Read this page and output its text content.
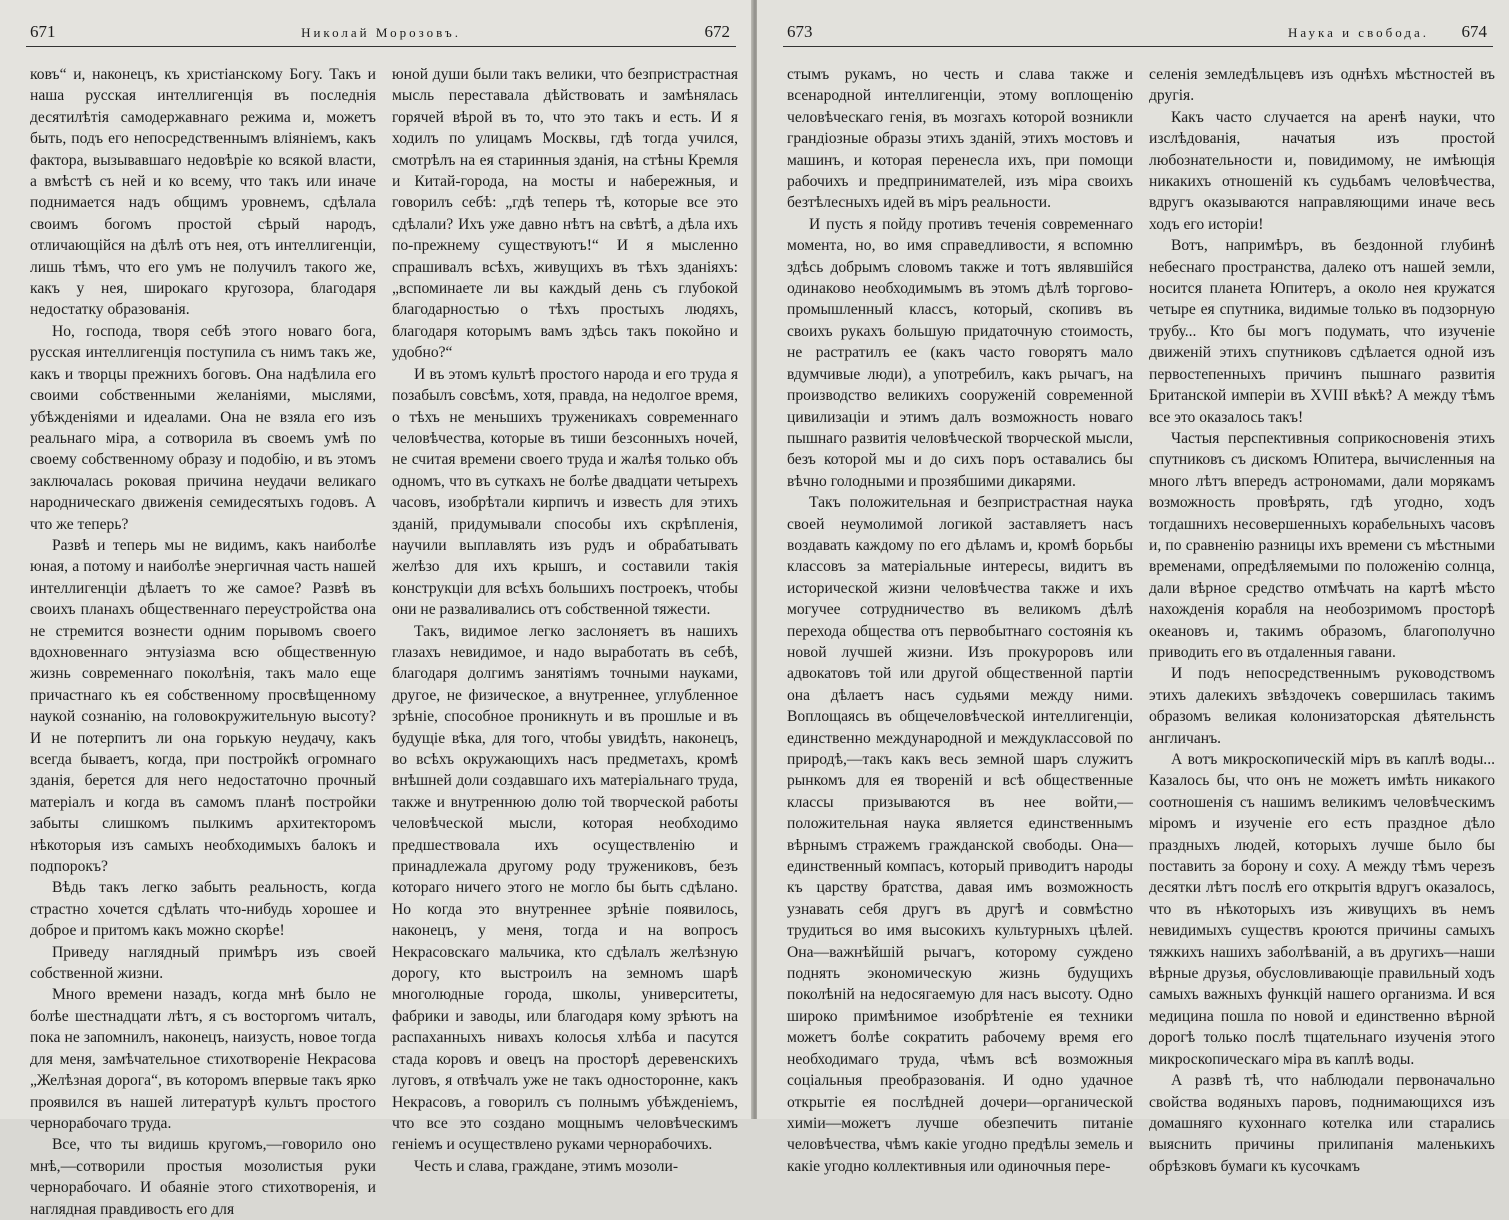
671	Николай Морозовъ.	672

ковъ“ и, наконецъ, къ христіанскому Богу. Такъ и наша русская интеллигенція въ последнія десятилѣтія самодержавнаго режима и, можетъ быть, подъ его непосредственнымъ вліяніемъ, какъ фактора, вызывавшаго недовѣріе ко всякой власти, а вмѣстѣ съ ней и ко всему, что такъ или иначе поднимается надъ общимъ уровнемъ, сдѣлала своимъ богомъ простой сѣрый народъ, отличающійся на дѣлѣ отъ нея, отъ интеллигенціи, лишь тѣмъ, что его умъ не получилъ такого же, какъ у нея, широкаго кругозора, благодаря недостатку образованія.

Но, господа, творя себѣ этого новаго бога, русская интеллигенція поступила съ нимъ такъ же, какъ и творцы прежнихъ боговъ. Она надѣлила его своими собственными желаніями, мыслями, убѣжденіями и идеалами. Она не взяла его изъ реальнаго міра, а сотворила въ своемъ умѣ по своему собственному образу и подобію, и въ этомъ заключалась роковая причина неудачи великаго народническаго движенія семидесятыхъ годовъ. А что же теперь?

Развѣ и теперь мы не видимъ, какъ наиболѣе юная, а потому и наиболѣе энергичная часть нашей интеллигенціи дѣлаетъ то же самое? Развѣ въ своихъ планахъ общественнаго переустройства она не стремится вознести одним порывомъ своего вдохновеннаго энтузіазма всю общественную жизнь современнаго поколѣнія, такъ мало еще причастнаго къ ея собственному просвѣщенному наукой сознанію, на головокружительную высоту? И не потерпитъ ли она горькую неудачу, какъ всегда бываетъ, когда, при постройкѣ огромнаго зданія, берется для него недостаточно прочный матеріалъ и когда въ самомъ планѣ постройки забыты слишкомъ пылкимъ архитекторомъ нѣкоторыя изъ самыхъ необходимыхъ балокъ и подпорокъ?

Вѣдь такъ легко забыть реальность, когда страстно хочется сдѣлать что-нибудь хорошее и доброе и притомъ какъ можно скорѣе!

Приведу наглядный примѣръ изъ своей собственной жизни.

Много времени назадъ, когда мнѣ было не болѣе шестнадцати лѣтъ, я съ восторгомъ читалъ, пока не запомнилъ, наконецъ, наизусть, новое тогда для меня, замѣчательное стихотвореніе Некрасова „Желѣзная дорога“, въ которомъ впервые такъ ярко проявился въ нашей литературѣ культъ простого чернорабочаго труда.

Все, что ты видишь кругомъ,—говорило оно мнѣ,—сотворили простыя мозолистыя руки чернорабочаго. И обаяніе этого стихотворенія, и наглядная правдивость его для

юной души были такъ велики, что безпристрастная мысль переставала дѣйствовать и замѣнялась горячей вѣрой въ то, что это такъ и есть. И я ходилъ по улицамъ Москвы, гдѣ тогда учился, смотрѣлъ на ея старинныя зданія, на стѣны Кремля и Китай-города, на мосты и набережныя, и говорилъ себѣ: „гдѣ теперь тѣ, которые все это сдѣлали? Ихъ уже давно нѣтъ на свѣтѣ, а дѣла ихъ по-прежнему существуютъ!“ И я мысленно спрашивалъ всѣхъ, живущихъ въ тѣхъ зданіяхъ: „вспоминаете ли вы каждый день съ глубокой благодарностью о тѣхъ простыхъ людяхъ, благодаря которымъ вамъ здѣсь такъ покойно и удобно?“

И въ этомъ культѣ простого народа и его труда я позабылъ совсѣмъ, хотя, правда, на недолгое время, о тѣхъ не меньшихъ труженикахъ современнаго человѣчества, которые въ тиши безсонныхъ ночей, не считая времени своего труда и жалѣя только объ одномъ, что въ суткахъ не болѣе двадцати четырехъ часовъ, изобрѣтали кирпичъ и известь для этихъ зданій, придумывали способы ихъ скрѣпленія, научили выплавлять изъ рудъ и обрабатывать желѣзо для ихъ крышъ, и составили такія конструкціи для всѣхъ большихъ построекъ, чтобы они не разваливались отъ собственной тяжести.

Такъ, видимое легко заслоняетъ въ нашихъ глазахъ невидимое, и надо выработать въ себѣ, благодаря долгимъ занятіямъ точными науками, другое, не физическое, а внутреннее, углубленное зрѣніе, способное проникнуть и въ прошлые и въ будущіе вѣка, для того, чтобы увидѣть, наконецъ, во всѣхъ окружающихъ насъ предметахъ, кромѣ внѣшней доли создавшаго ихъ матеріальнаго труда, также и внутреннюю долю той творческой работы человѣческой мысли, которая необходимо предшествовала ихъ осуществленію и принадлежала другому роду тружениковъ, безъ котораго ничего этого не могло бы быть сдѣлано. Но когда это внутреннее зрѣніе появилось, наконецъ, у меня, тогда и на вопросъ Некрасовскаго мальчика, кто сдѣлалъ желѣзную дорогу, кто выстроилъ на земномъ шарѣ многолюдные города, школы, университеты, фабрики и заводы, или благодаря кому зрѣютъ на распаханныхъ нивахъ колосья хлѣба и пасутся стада коровъ и овецъ на просторѣ деревенскихъ луговъ, я отвѣчалъ уже не такъ односторонне, какъ Некрасовъ, а говорилъ съ полнымъ убѣжденіемъ, что все это создано мощнымъ человѣческимъ геніемъ и осуществлено руками чернорабочихъ.

Честь и слава, граждане, этимъ мозоли-

673	Наука и свобода. 674

стымъ рукамъ, но честь и слава также и всенародной интеллигенціи, этому воплощенію человѣческаго генія, въ мозгахъ которой возникли грандіозные образы этихъ зданій, этихъ мостовъ и машинъ, и которая перенесла ихъ, при помощи рабочихъ и предпринимателей, изъ міра своихъ безтѣлесныхъ идей въ міръ реальности.

И пусть я пойду противъ теченія современнаго момента, но, во имя справедливости, я вспомню здѣсь добрымъ словомъ также и тотъ являвшійся одинаково необходимымъ въ этомъ дѣлѣ торгово-промышленный классъ, который, скопивъ въ своихъ рукахъ большую придаточную стоимость, не растратилъ ее (какъ часто говорятъ мало вдумчивые люди), а употребилъ, какъ рычагъ, на производство великихъ сооруженій современной цивилизаціи и этимъ далъ возможность новаго пышнаго развитія человѣческой творческой мысли, безъ которой мы и до сихъ поръ оставались бы вѣчно голодными и прозябшими дикарями.

Такъ положительная и безпристрастная наука своей неумолимой логикой заставляетъ насъ воздавать каждому по его дѣламъ и, кромѣ борьбы классовъ за матеріальные интересы, видитъ въ исторической жизни человѣчества также и ихъ могучее сотрудничество въ великомъ дѣлѣ перехода общества отъ первобытнаго состоянія къ новой лучшей жизни. Изъ прокуроровъ или адвокатовъ той или другой общественной партіи она дѣлаетъ насъ судьями между ними. Воплощаясь въ общечеловѣческой интеллигенціи, единственно международной и междуклассовой по природѣ,—такъ какъ весь земной шаръ служитъ рынкомъ для ея твореній и всѣ общественные классы призываются въ нее войти,—положительная наука является единственнымъ вѣрнымъ стражемъ гражданской свободы. Она—единственный компасъ, который приводитъ народы къ царству братства, давая имъ возможность узнавать себя другъ въ другѣ и совмѣстно трудиться во имя высокихъ культурныхъ цѣлей. Она—важнѣйшій рычагъ, которому суждено поднять экономическую жизнь будущихъ поколѣній на недосягаемую для насъ высоту. Одно широко примѣнимое изобрѣтеніе ея техники можетъ болѣе сократить рабочему время его необходимаго труда, чѣмъ всѣ возможныя соціальныя преобразованія. И одно удачное открытіе ея послѣдней дочери—органической химіи—можетъ лучше обезпечить питаніе человѣчества, чѣмъ какіе угодно предѣлы земель и какіе угодно коллективныя или одиночныя пере-

селенія земледѣльцевъ изъ однѣхъ мѣстностей въ другія.

Какъ часто случается на аренѣ науки, что изслѣдованія, начатыя изъ простой любознательности и, повидимому, не имѣющія никакихъ отношеній къ судьбамъ человѣчества, вдругъ оказываются направляющими иначе весь ходъ его исторіи!

Вотъ, напримѣръ, въ бездонной глубинѣ небеснаго пространства, далеко отъ нашей земли, носится планета Юпитеръ, а около нея кружатся четыре ея спутника, видимые только въ подзорную трубу... Кто бы могъ подумать, что изученіе движеній этихъ спутниковъ сдѣлается одной изъ первостепенныхъ причинъ пышнаго развитія Британской имперіи въ XVIII вѣкѣ? А между тѣмъ все это оказалось такъ!

Частыя перспективныя соприкосновенія этихъ спутниковъ съ дискомъ Юпитера, вычисленныя на много лѣтъ впередъ астрономами, дали морякамъ возможность провѣрять, гдѣ угодно, ходъ тогдашнихъ несовершенныхъ корабельныхъ часовъ и, по сравненію разницы ихъ времени съ мѣстными временами, опредѣляемыми по положенію солнца, дали вѣрное средство отмѣчать на картѣ мѣсто нахожденія корабля на необозримомъ просторѣ океановъ и, такимъ образомъ, благополучно приводить его въ отдаленныя гавани.

И подъ непосредственнымъ руководствомъ этихъ далекихъ звѣздочекъ совершилась такимъ образомъ великая колонизаторская дѣятельнсть англичанъ.

А вотъ микроскопическій міръ въ каплѣ воды... Казалось бы, что онъ не можетъ имѣть никакого соотношенія съ нашимъ великимъ человѣческимъ міромъ и изученіе его есть праздное дѣло праздныхъ людей, которыхъ лучше было бы поставить за борону и соху. А между тѣмъ черезъ десятки лѣтъ послѣ его открытія вдругъ оказалось, что въ нѣкоторыхъ изъ живущихъ въ немъ невидимыхъ существъ кроются причины самыхъ тяжкихъ нашихъ заболѣваній, а въ другихъ—наши вѣрные друзья, обусловливающіе правильный ходъ самыхъ важныхъ функцій нашего организма. И вся медицина пошла по новой и единственно вѣрной дорогѣ только послѣ тщательнаго изученія этого микроскопическаго міра въ каплѣ воды.

А развѣ тѣ, что наблюдали первоначально свойства водяныхъ паровъ, поднимающихся изъ домашняго кухоннаго котелка или старались выяснить причины прилипанія маленькихъ обрѣзковъ бумаги къ кусочкамъ
